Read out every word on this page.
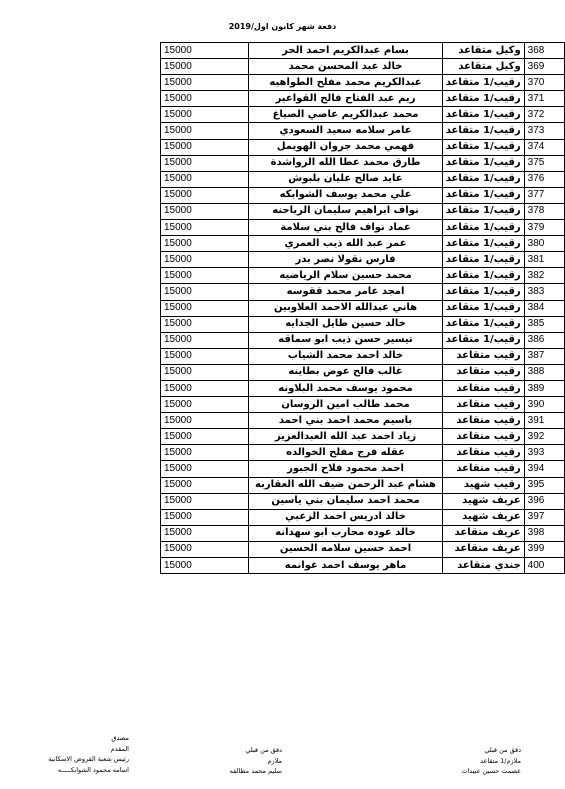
دفعة شهر كانون اول/2019
15000	بسام عبدالكريم احمد الحر	وكيل متقاعد	368
15000	خالد عبد المحسن محمد	وكيل متقاعد	369
15000	عبدالكريم محمد مفلح الطواهيه	رقيب/1 متقاعد	370
15000	ريم عبد الفتاح فالح القواعير	رقيب/1 متقاعد	371
15000	محمد عبدالكريم عاصي الصياغ	رقيب/1 متقاعد	372
15000	عامر سلامه سعيد السعودي	رقيب/1 متقاعد	373
15000	فهمي محمد جروان الهويمل	رقيب/1 متقاعد	374
15000	طارق محمد عطا الله الرواشدة	رقيب/1 متقاعد	375
15000	عايد صالح عليان بلبوش	رقيب/1 متقاعد	376
15000	علي محمد يوسف الشوابكه	رقيب/1 متقاعد	377
15000	نواف ابراهيم سليمان الرياحنه	رقيب/1 متقاعد	378
15000	عماد نواف فالح بني سلامة	رقيب/1 متقاعد	379
15000	عمر عبد الله ذيب العمري	رقيب/1 متقاعد	380
15000	فارس نقولا نصر بدر	رقيب/1 متقاعد	381
15000	محمد حسين سلام الرياضيه	رقيب/1 متقاعد	382
15000	امجد عامر محمد ققوسه	رقيب/1 متقاعد	383
15000	هاني عبدالله الاحمد العلاوبين	رقيب/1 متقاعد	384
15000	خالد حسين طايل الجدايه	رقيب/1 متقاعد	385
15000	تيسير حسن ذيب ابو سماقه	رقيب/1 متقاعد	386
15000	خالد احمد محمد الشياب	رقيب متقاعد	387
15000	غالب فالح عوض بطاينه	رقيب متقاعد	388
15000	محمود يوسف محمد البلاونه	رقيب متقاعد	389
15000	محمد طالب امين الروسان	رقيب متقاعد	390
15000	باسيم محمد احمد بني احمد	رقيب متقاعد	391
15000	زياد احمد عبد الله العبدالعزيز	رقيب متقاعد	392
15000	عقله فرج مفلح الخوالده	رقيب متقاعد	393
15000	احمد محمود فلاح الجبور	رقيب متقاعد	394
15000	هشام عبد الرحمن ضيف الله العقاربه	رقيب شهيد	395
15000	محمد احمد سليمان بني ياسين	عريف شهيد	396
15000	خالد ادريس احمد الزعبي	عريف شهيد	397
15000	خالد عوده محارب ابو سهدانه	عريف متقاعد	398
15000	احمد حسين سلامه الحسين	عريف متقاعد	399
15000	ماهر يوسف احمد غوانمه	جندي متقاعد	400
دقق من قبلي
ملازم/1 متقاعد
عصمت حسين عبيدات
دقق من قبلي
ملازم
سليم محمد مطالقه
مصدق
المقدم
رئيس شعبة القروض الاسكانية
اسامه محمود الشوابكـــــه
